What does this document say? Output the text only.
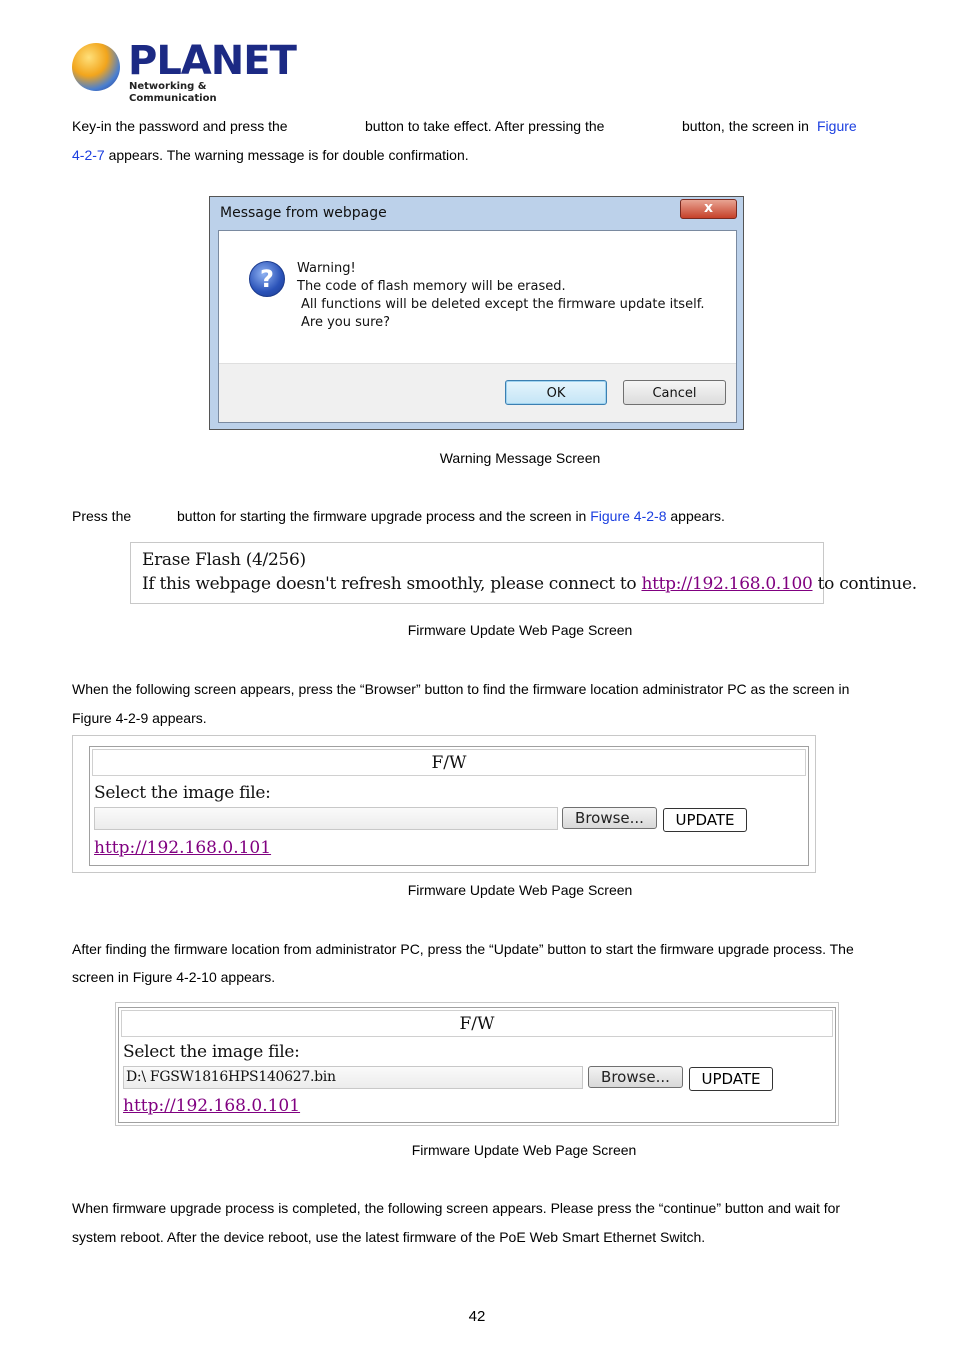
PLANET
Networking & Communication
Key-in the password and press the	button to take effect. After pressing the	button, the screen in Figure
4-2-7 appears. The warning message is for double confirmation.
Message from webpage	x
?	Warning!
The code of flash memory will be erased.
All functions will be deleted except the firmware update itself.
Are you sure?
OK	Cancel
Warning Message Screen
Press the	button for starting the firmware upgrade process and the screen in Figure 4-2-8 appears.
Erase Flash (4/256)
If this webpage doesn't refresh smoothly, please connect to http://192.168.0.100 to continue.
Firmware Update Web Page Screen
When the following screen appears, press the “Browser” button to find the firmware location administrator PC as the screen in
Figure 4-2-9 appears.
F/W
Select the image file:
Browse...	UPDATE
http://192.168.0.101
Firmware Update Web Page Screen
After finding the firmware location from administrator PC, press the “Update” button to start the firmware upgrade process. The
screen in Figure 4-2-10 appears.
F/W
Select the image file:
D:\ FGSW1816HPS140627.bin	Browse...	UPDATE
http://192.168.0.101
Firmware Update Web Page Screen
When firmware upgrade process is completed, the following screen appears. Please press the “continue” button and wait for
system reboot. After the device reboot, use the latest firmware of the PoE Web Smart Ethernet Switch.
42
